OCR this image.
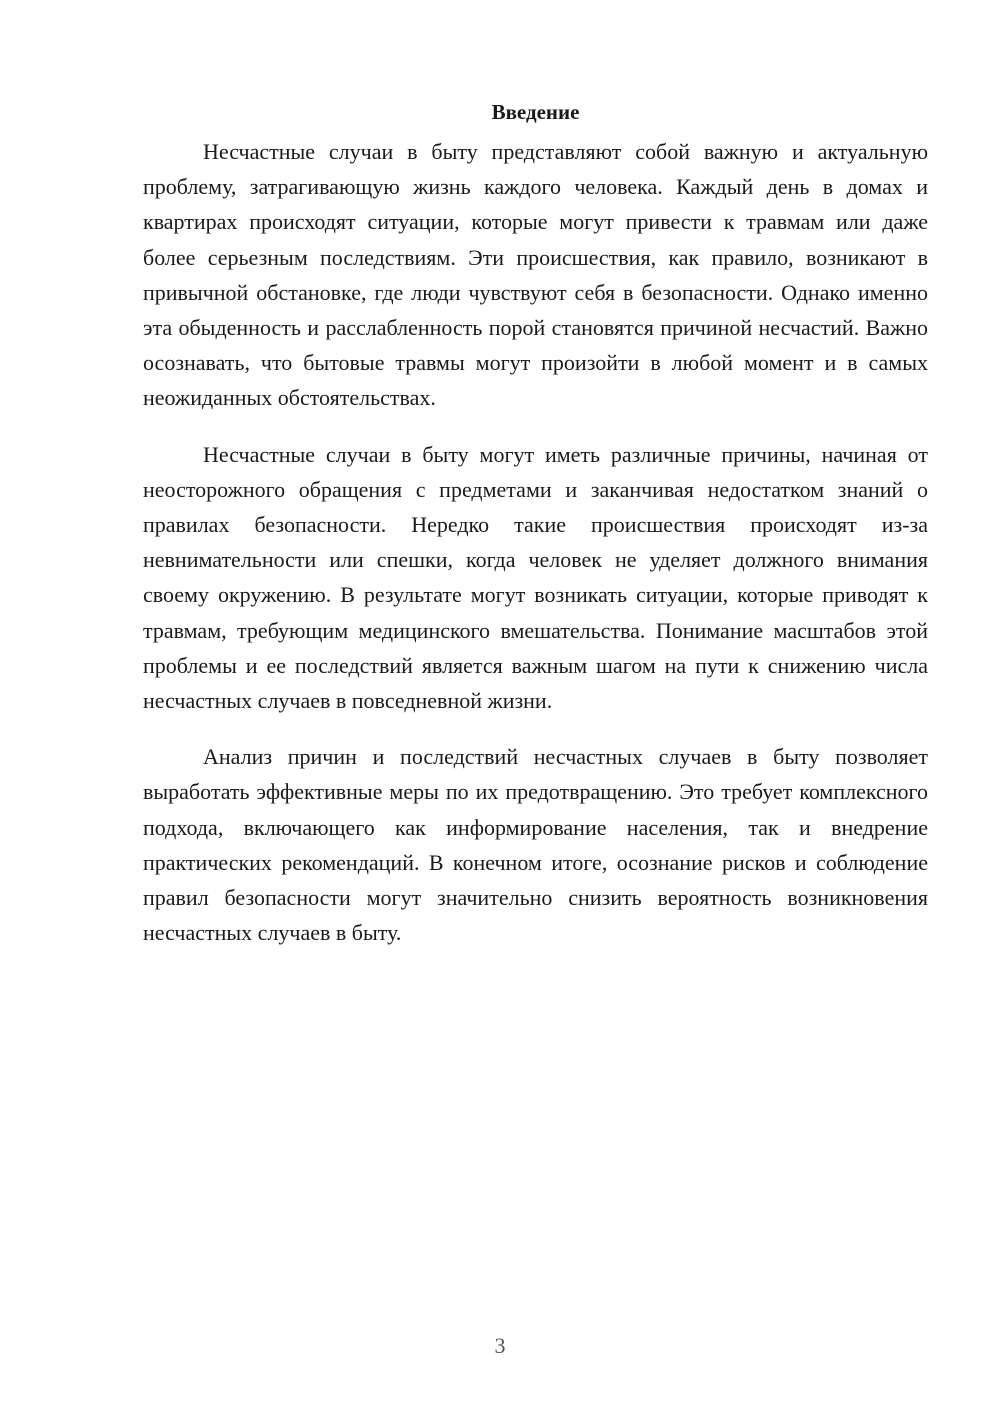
Введение

Несчастные случаи в быту представляют собой важную и актуальную проблему, затрагивающую жизнь каждого человека. Каждый день в домах и квартирах происходят ситуации, которые могут привести к травмам или даже более серьезным последствиям. Эти происшествия, как правило, возникают в привычной обстановке, где люди чувствуют себя в безопасности. Однако именно эта обыденность и расслабленность порой становятся причиной несчастий. Важно осознавать, что бытовые травмы могут произойти в любой момент и в самых неожиданных обстоятельствах.

Несчастные случаи в быту могут иметь различные причины, начиная от неосторожного обращения с предметами и заканчивая недостатком знаний о правилах безопасности. Нередко такие происшествия происходят из-за невнимательности или спешки, когда человек не уделяет должного внимания своему окружению. В результате могут возникать ситуации, которые приводят к травмам, требующим медицинского вмешательства. Понимание масштабов этой проблемы и ее последствий является важным шагом на пути к снижению числа несчастных случаев в повседневной жизни.

Анализ причин и последствий несчастных случаев в быту позволяет выработать эффективные меры по их предотвращению. Это требует комплексного подхода, включающего как информирование населения, так и внедрение практических рекомендаций. В конечном итоге, осознание рисков и соблюдение правил безопасности могут значительно снизить вероятность возникновения несчастных случаев в быту.

3
